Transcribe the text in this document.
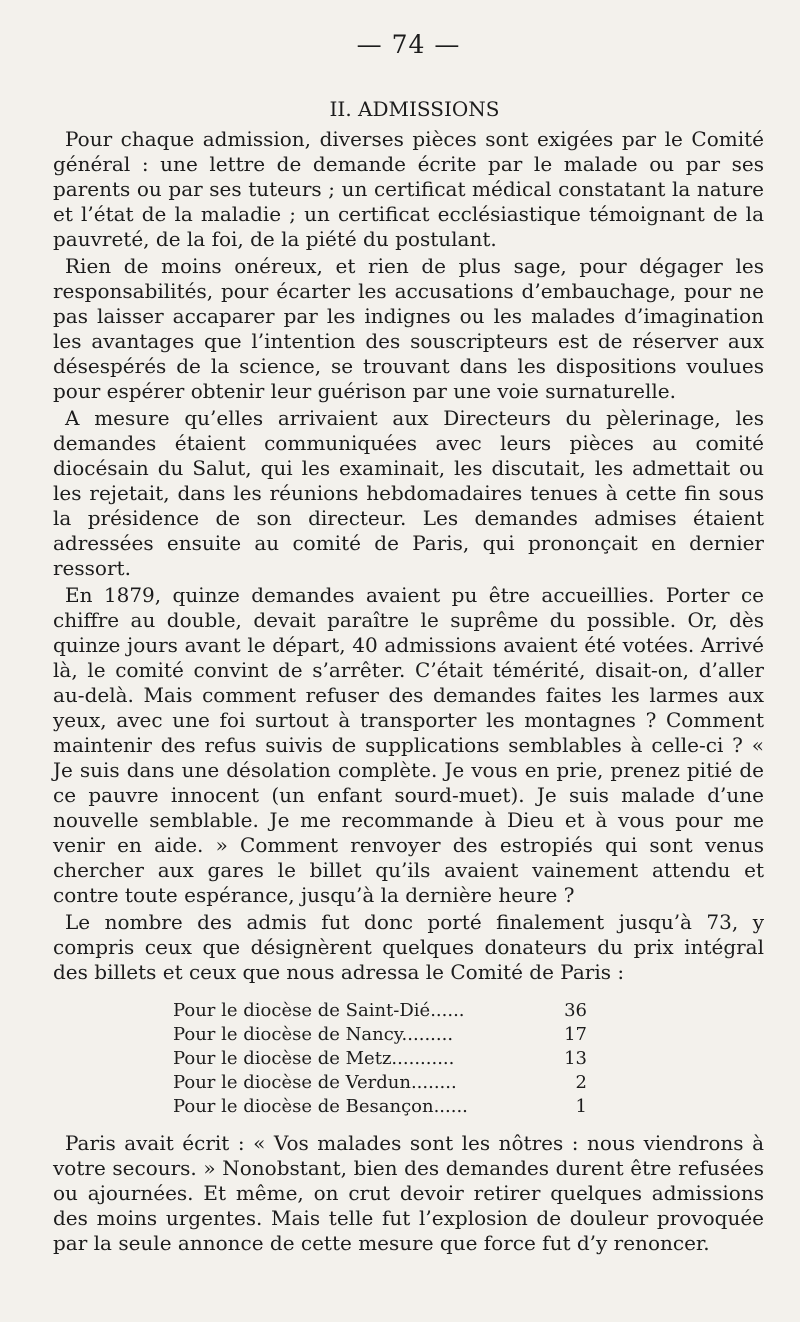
— 74 —
II. ADMISSIONS

Pour chaque admission, diverses pièces sont exigées par le Comité général : une lettre de demande écrite par le malade ou par ses parents ou par ses tuteurs ; un certificat médical constatant la nature et l’état de la maladie ; un certificat ecclésiastique témoignant de la pauvreté, de la foi, de la piété du postulant.

Rien de moins onéreux, et rien de plus sage, pour dégager les responsabilités, pour écarter les accusations d’embauchage, pour ne pas laisser accaparer par les indignes ou les malades d’imagination les avantages que l’intention des souscripteurs est de réserver aux désespérés de la science, se trouvant dans les dispositions voulues pour espérer obtenir leur guérison par une voie surnaturelle.

A mesure qu’elles arrivaient aux Directeurs du pèlerinage, les demandes étaient communiquées avec leurs pièces au comité diocésain du Salut, qui les examinait, les discutait, les admettait ou les rejetait, dans les réunions hebdomadaires tenues à cette fin sous la présidence de son directeur. Les demandes admises étaient adressées ensuite au comité de Paris, qui prononçait en dernier ressort.

En 1879, quinze demandes avaient pu être accueillies. Porter ce chiffre au double, devait paraître le suprême du possible. Or, dès quinze jours avant le départ, 40 admissions avaient été votées. Arrivé là, le comité convint de s’arrêter. C’était témérité, disait-on, d’aller au-delà. Mais comment refuser des demandes faites les larmes aux yeux, avec une foi surtout à transporter les montagnes ? Comment maintenir des refus suivis de supplications semblables à celle-ci ? « Je suis dans une désolation complète. Je vous en prie, prenez pitié de ce pauvre innocent (un enfant sourd-muet). Je suis malade d’une nouvelle semblable. Je me recommande à Dieu et à vous pour me venir en aide. » Comment renvoyer des estropiés qui sont venus chercher aux gares le billet qu’ils avaient vainement attendu et contre toute espérance, jusqu’à la dernière heure ?

Le nombre des admis fut donc porté finalement jusqu’à 73, y compris ceux que désignèrent quelques donateurs du prix intégral des billets et ceux que nous adressa le Comité de Paris :

Pour le diocèse de Saint-Dié......	36
Pour le diocèse de Nancy.........	17
Pour le diocèse de Metz...........	13
Pour le diocèse de Verdun........	2
Pour le diocèse de Besançon......	1

Paris avait écrit : « Vos malades sont les nôtres : nous viendrons à votre secours. » Nonobstant, bien des demandes durent être refusées ou ajournées. Et même, on crut devoir retirer quelques admissions des moins urgentes. Mais telle fut l’explosion de douleur provoquée par la seule annonce de cette mesure que force fut d’y renoncer.
